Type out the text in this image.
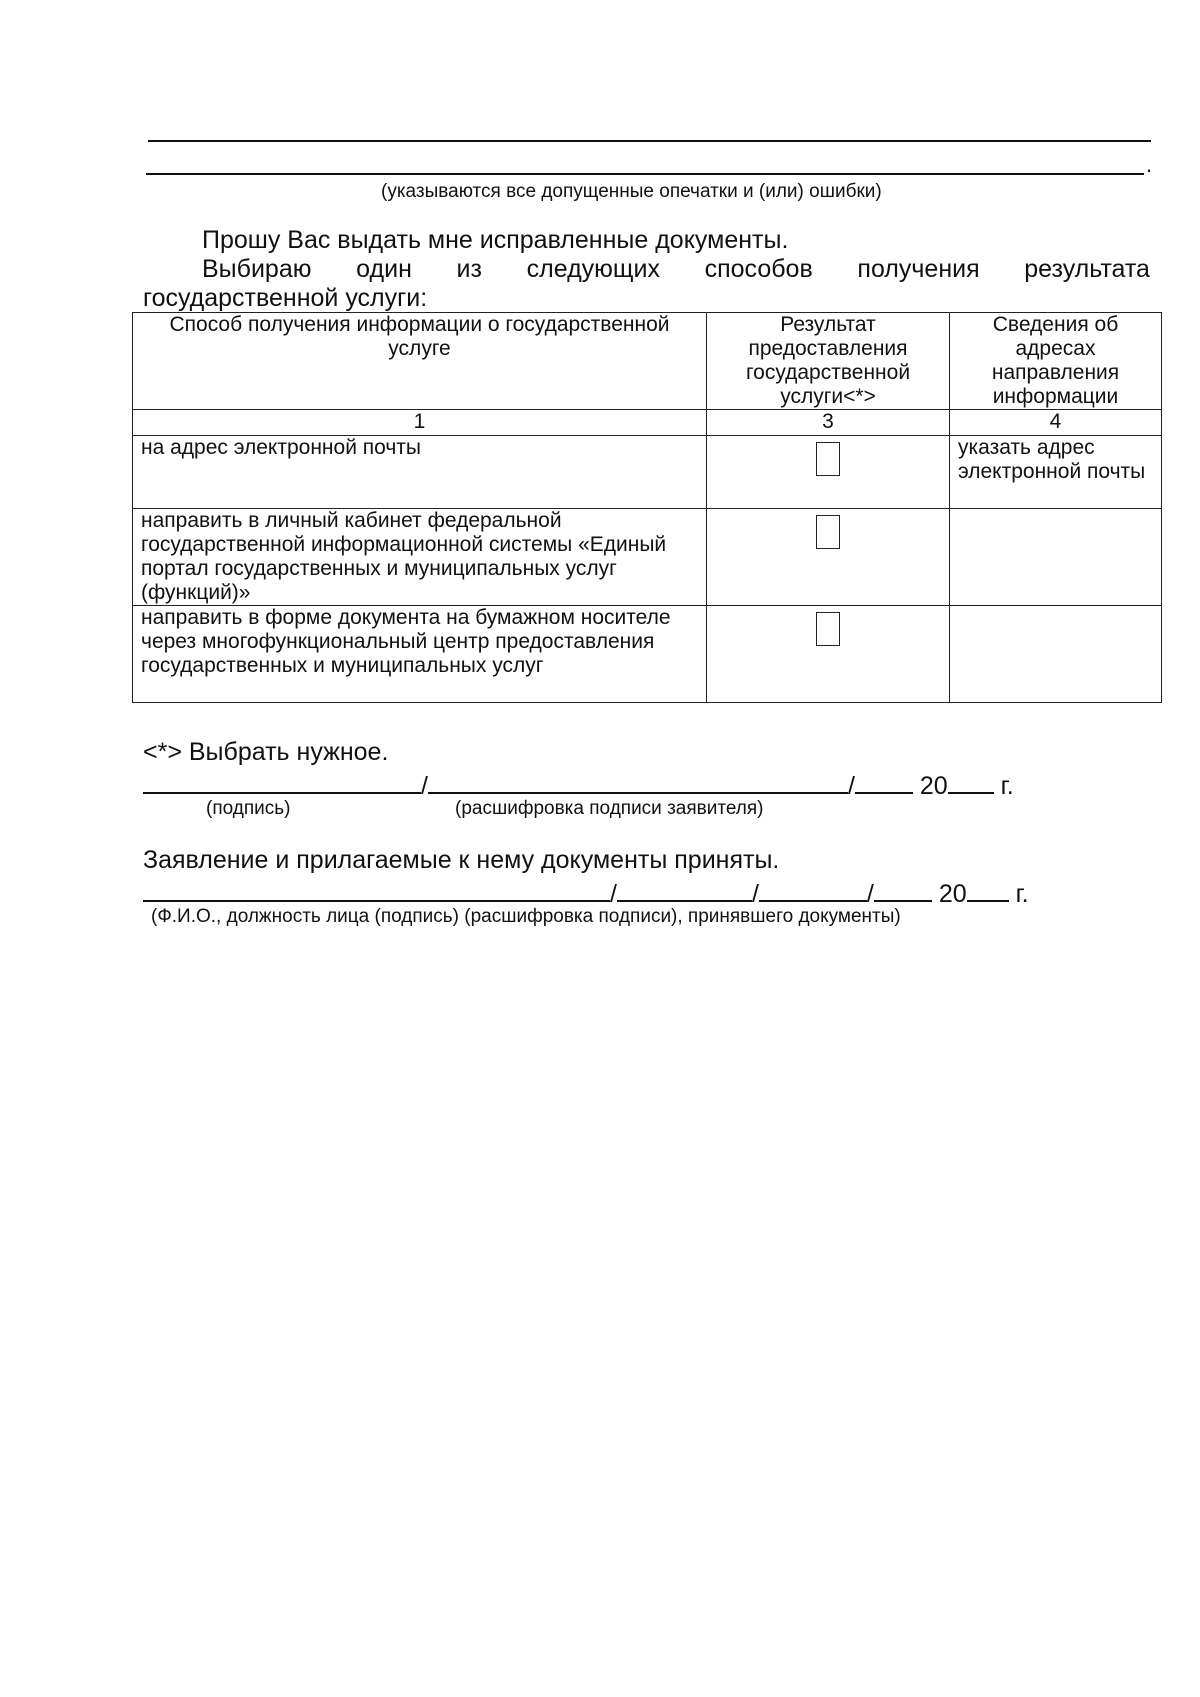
.
(указываются все допущенные опечатки и (или) ошибки)
Прошу Вас выдать мне исправленные документы.
Выбираю один из следующих способов получения результата
государственной услуги:
Способ получения информации о государственной услуге	Результат предоставления государственной услуги<*>	Сведения об адресах направления информации
1	3	4
на адрес электронной почты		указать адрес электронной почты
направить в личный кабинет федеральной государственной информационной системы «Единый портал государственных и муниципальных услуг (функций)»		
направить в форме документа на бумажном носителе через многофункциональный центр предоставления государственных и муниципальных услуг		
<*> Выбрать нужное.
/	/	20 г.
(подпись)	(расшифровка подписи заявителя)
Заявление и прилагаемые к нему документы приняты.
/	/	/	20 г.
(Ф.И.О., должность лица (подпись) (расшифровка подписи), принявшего документы)
